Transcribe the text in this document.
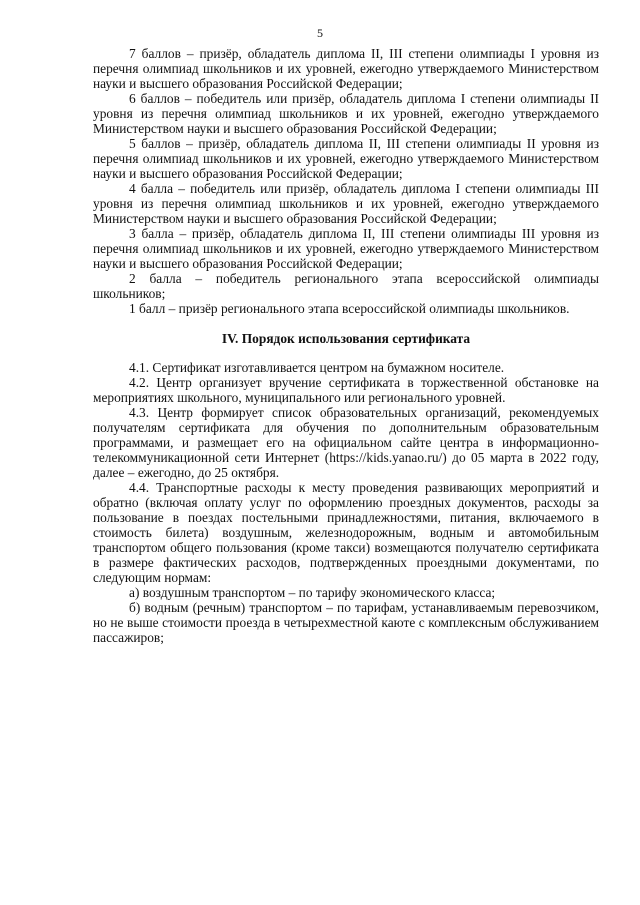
5

7 баллов – призёр, обладатель диплома II, III степени олимпиады I уровня из перечня олимпиад школьников и их уровней, ежегодно утверждаемого Министерством науки и высшего образования Российской Федерации;

6 баллов – победитель или призёр, обладатель диплома I степени олимпиады II уровня из перечня олимпиад школьников и их уровней, ежегодно утверждаемого Министерством науки и высшего образования Российской Федерации;

5 баллов – призёр, обладатель диплома II, III степени олимпиады II уровня из перечня олимпиад школьников и их уровней, ежегодно утверждаемого Министерством науки и высшего образования Российской Федерации;

4 балла – победитель или призёр, обладатель диплома I степени олимпиады III уровня из перечня олимпиад школьников и их уровней, ежегодно утверждаемого Министерством науки и высшего образования Российской Федерации;

3 балла – призёр, обладатель диплома II, III степени олимпиады III уровня из перечня олимпиад школьников и их уровней, ежегодно утверждаемого Министерством науки и высшего образования Российской Федерации;

2 балла – победитель регионального этапа всероссийской олимпиады школьников;

1 балл – призёр регионального этапа всероссийской олимпиады школьников.

IV. Порядок использования сертификата

4.1. Сертификат изготавливается центром на бумажном носителе.

4.2. Центр организует вручение сертификата в торжественной обстановке на мероприятиях школьного, муниципального или регионального уровней.

4.3. Центр формирует список образовательных организаций, рекомендуемых получателям сертификата для обучения по дополнительным образовательным программами, и размещает его на официальном сайте центра в информационно-телекоммуникационной сети Интернет (https://kids.yanao.ru/) до 05 марта в 2022 году, далее – ежегодно, до 25 октября.

4.4. Транспортные расходы к месту проведения развивающих мероприятий и обратно (включая оплату услуг по оформлению проездных документов, расходы за пользование в поездах постельными принадлежностями, питания, включаемого в стоимость билета) воздушным, железнодорожным, водным и автомобильным транспортом общего пользования (кроме такси) возмещаются получателю сертификата в размере фактических расходов, подтвержденных проездными документами, по следующим нормам:

а) воздушным транспортом – по тарифу экономического класса;

б) водным (речным) транспортом – по тарифам, устанавливаемым перевозчиком, но не выше стоимости проезда в четырехместной каюте с комплексным обслуживанием пассажиров;
